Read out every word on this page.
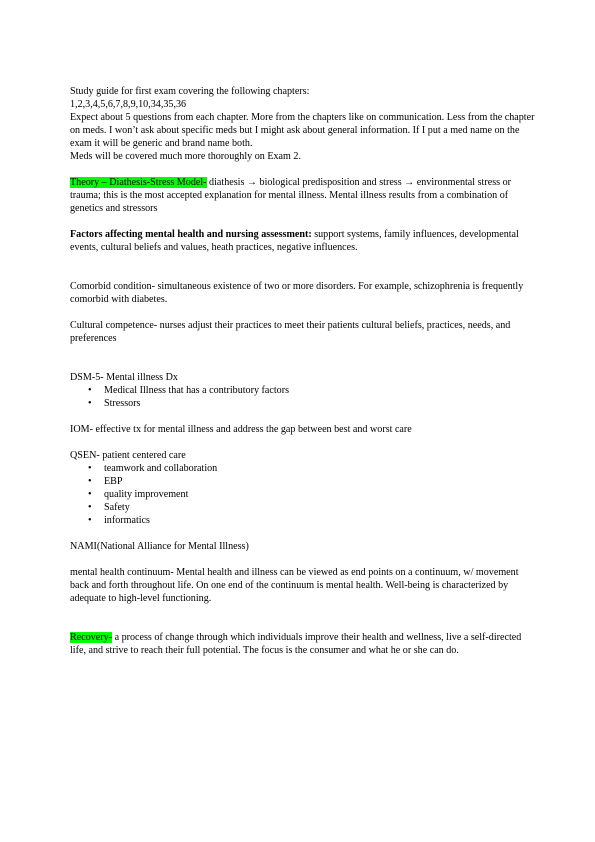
Study guide for first exam covering the following chapters:

1,2,3,4,5,6,7,8,9,10,34,35,36

Expect about 5 questions from each chapter. More from the chapters like on communication. Less from the chapter on meds. I won’t ask about specific meds but I might ask about general information. If I put a med name on the exam it will be generic and brand name both.

Meds will be covered much more thoroughly on Exam 2.

Theory – Diathesis-Stress Model- diathesis → biological predisposition and stress → environmental stress or trauma; this is the most accepted explanation for mental illness. Mental illness results from a combination of genetics and stressors

Factors affecting mental health and nursing assessment: support systems, family influences, developmental events, cultural beliefs and values, heath practices, negative influences.

Comorbid condition- simultaneous existence of two or more disorders. For example, schizophrenia is frequently comorbid with diabetes.

Cultural competence- nurses adjust their practices to meet their patients cultural beliefs, practices, needs, and preferences

DSM-5- Mental illness Dx

• Medical Illness that has a contributory factors
• Stressors

IOM- effective tx for mental illness and address the gap between best and worst care

QSEN- patient centered care

• teamwork and collaboration
• EBP
• quality improvement
• Safety
• informatics

NAMI(National Alliance for Mental Illness)

mental health continuum- Mental health and illness can be viewed as end points on a continuum, w/ movement back and forth throughout life. On one end of the continuum is mental health. Well-being is characterized by adequate to high-level functioning.

Recovery- a process of change through which individuals improve their health and wellness, live a self-directed life, and strive to reach their full potential. The focus is the consumer and what he or she can do.
